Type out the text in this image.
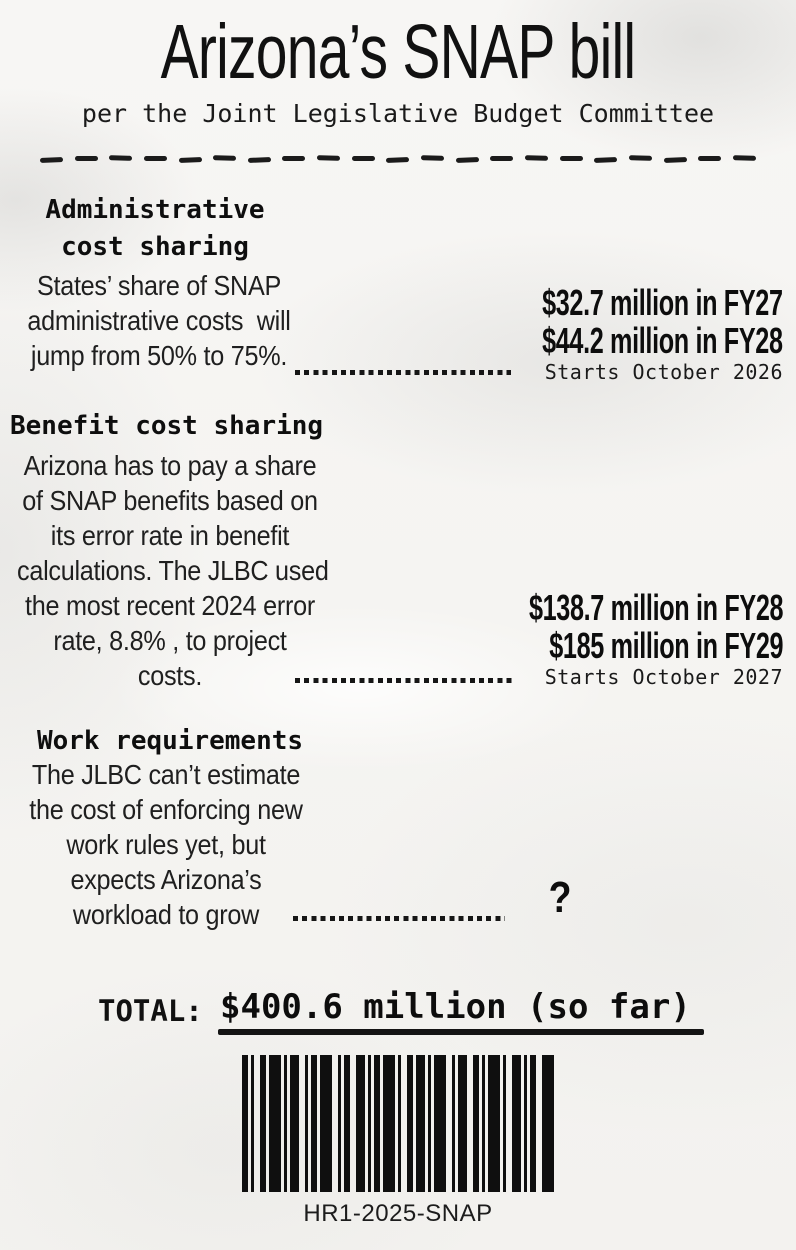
Arizona’s SNAP bill
per the Joint Legislative Budget Committee
Administrative cost sharing
States’ share of SNAP
administrative costs  will
jump from 50% to 75%.
$32.7 million in FY27
$44.2 million in FY28
Starts October 2026
Benefit cost sharing
Arizona has to pay a share
of SNAP benefits based on
its error rate in benefit
calculations. The JLBC used
the most recent 2024 error
rate, 8.8% , to project
costs.
$138.7 million in FY28
$185 million in FY29
Starts October 2027
Work requirements
The JLBC can’t estimate
the cost of enforcing new
work rules yet, but
expects Arizona’s
workload to grow	?
TOTAL: $400.6 million (so far)
HR1-2025-SNAP
